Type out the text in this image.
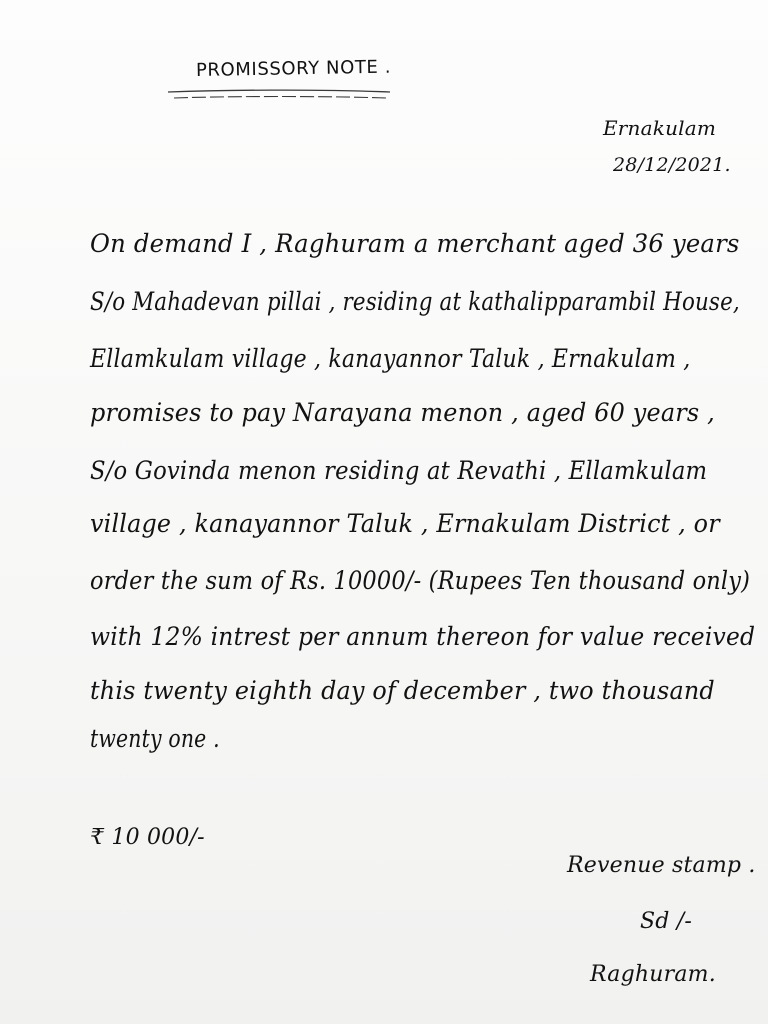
PROMISSORY NOTE .
Ernakulam
28/12/2021.
On demand I , Raghuram a merchant aged 36 years
S/o Mahadevan pillai , residing at kathalipparambil House,
Ellamkulam village , kanayannor Taluk , Ernakulam ,
promises to pay Narayana menon , aged 60 years ,
S/o Govinda menon residing at Revathi , Ellamkulam
village , kanayannor Taluk , Ernakulam District , or
order the sum of Rs. 10000/- (Rupees Ten thousand only)
with 12% intrest per annum thereon for value received
this twenty eighth day of december , two thousand
twenty one .
₹ 10 000/-
Revenue stamp .
Sd /-
Raghuram.
